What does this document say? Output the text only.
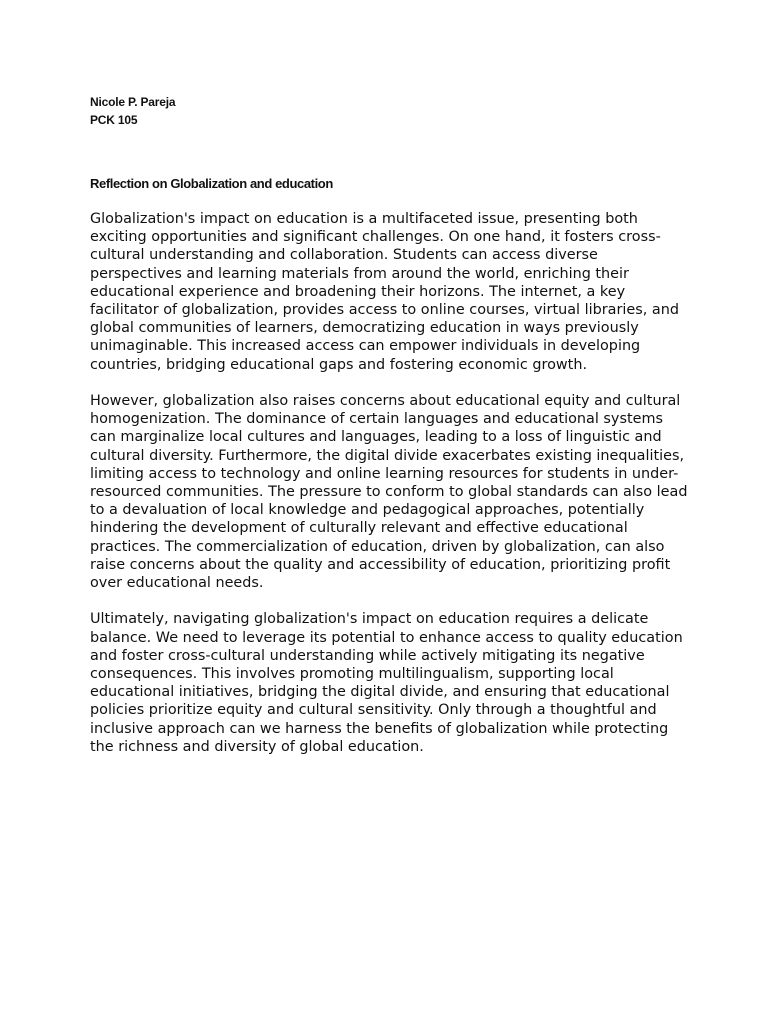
Nicole P. Pareja
PCK 105
Reflection on Globalization and education

Globalization's impact on education is a multifaceted issue, presenting both exciting opportunities and significant challenges. On one hand, it fosters cross-cultural understanding and collaboration. Students can access diverse perspectives and learning materials from around the world, enriching their educational experience and broadening their horizons. The internet, a key facilitator of globalization, provides access to online courses, virtual libraries, and global communities of learners, democratizing education in ways previously unimaginable. This increased access can empower individuals in developing countries, bridging educational gaps and fostering economic growth.

However, globalization also raises concerns about educational equity and cultural homogenization. The dominance of certain languages and educational systems can marginalize local cultures and languages, leading to a loss of linguistic and cultural diversity. Furthermore, the digital divide exacerbates existing inequalities, limiting access to technology and online learning resources for students in under-resourced communities. The pressure to conform to global standards can also lead to a devaluation of local knowledge and pedagogical approaches, potentially hindering the development of culturally relevant and effective educational practices. The commercialization of education, driven by globalization, can also raise concerns about the quality and accessibility of education, prioritizing profit over educational needs.

Ultimately, navigating globalization's impact on education requires a delicate balance. We need to leverage its potential to enhance access to quality education and foster cross-cultural understanding while actively mitigating its negative consequences. This involves promoting multilingualism, supporting local educational initiatives, bridging the digital divide, and ensuring that educational policies prioritize equity and cultural sensitivity. Only through a thoughtful and inclusive approach can we harness the benefits of globalization while protecting the richness and diversity of global education.
